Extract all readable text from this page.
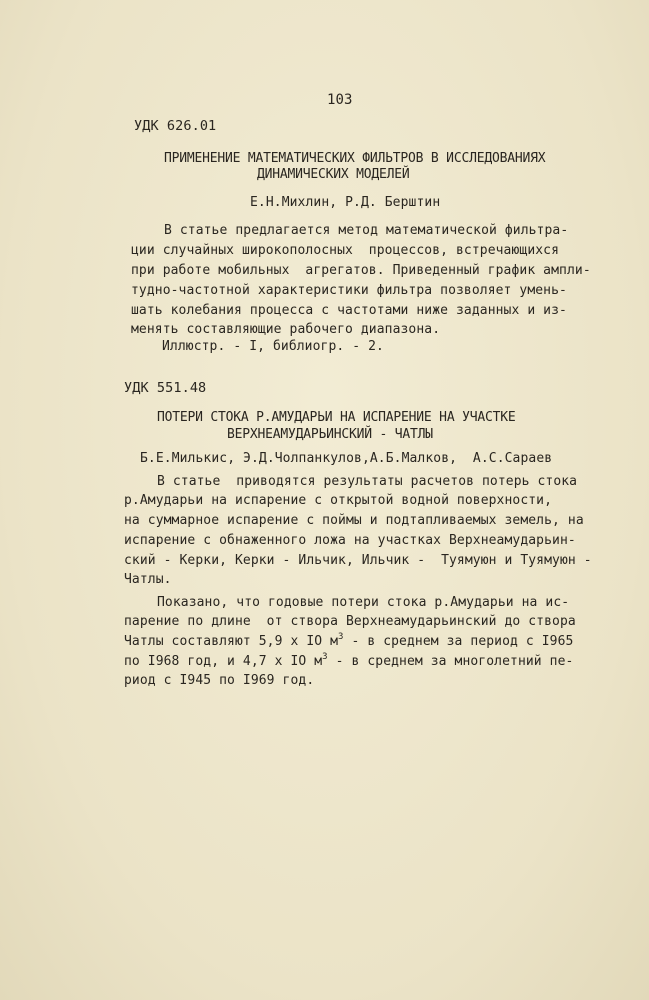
103
УДК 626.01
ПРИМЕНЕНИЕ МАТЕМАТИЧЕСКИХ ФИЛЬТРОВ В ИССЛЕДОВАНИЯХ
ДИНАМИЧЕСКИХ МОДЕЛЕЙ
Е.Н.Михлин, Р.Д. Берштин
В статье предлагается метод математической фильтра-
ции случайных широкополосных  процессов, встречающихся
при работе мобильных  агрегатов. Приведенный график ампли-
тудно-частотной характеристики фильтра позволяет умень-
шать колебания процесса с частотами ниже заданных и из-
менять составляющие рабочего диапазона.
Иллюстр. - I, библиогр. - 2.
УДК 551.48
ПОТЕРИ СТОКА Р.АМУДАРЬИ НА ИСПАРЕНИЕ НА УЧАСТКЕ
ВЕРХНЕАМУДАРЬИНСКИЙ - ЧАТЛЫ
Б.Е.Милькис, Э.Д.Чолпанкулов,А.Б.Малков,  А.С.Сараев
В статье  приводятся результаты расчетов потерь стока
р.Амударьи на испарение с открытой водной поверхности,
на суммарное испарение с поймы и подтапливаемых земель, на
испарение с обнаженного ложа на участках Верхнеамударьин-
ский - Керки, Керки - Ильчик, Ильчик -  Туямуюн и Туямуюн -
Чатлы.
Показано, что годовые потери стока р.Амударьи на ис-
парение по длине  от створа Верхнеамударьинский до створа
Чатлы составляют 5,9 х IO $м^3$ - в среднем за период с I965
по I968 год, и 4,7 х IO $м^3$ - в среднем за многолетний пе-
риод с I945 по I969 год.
